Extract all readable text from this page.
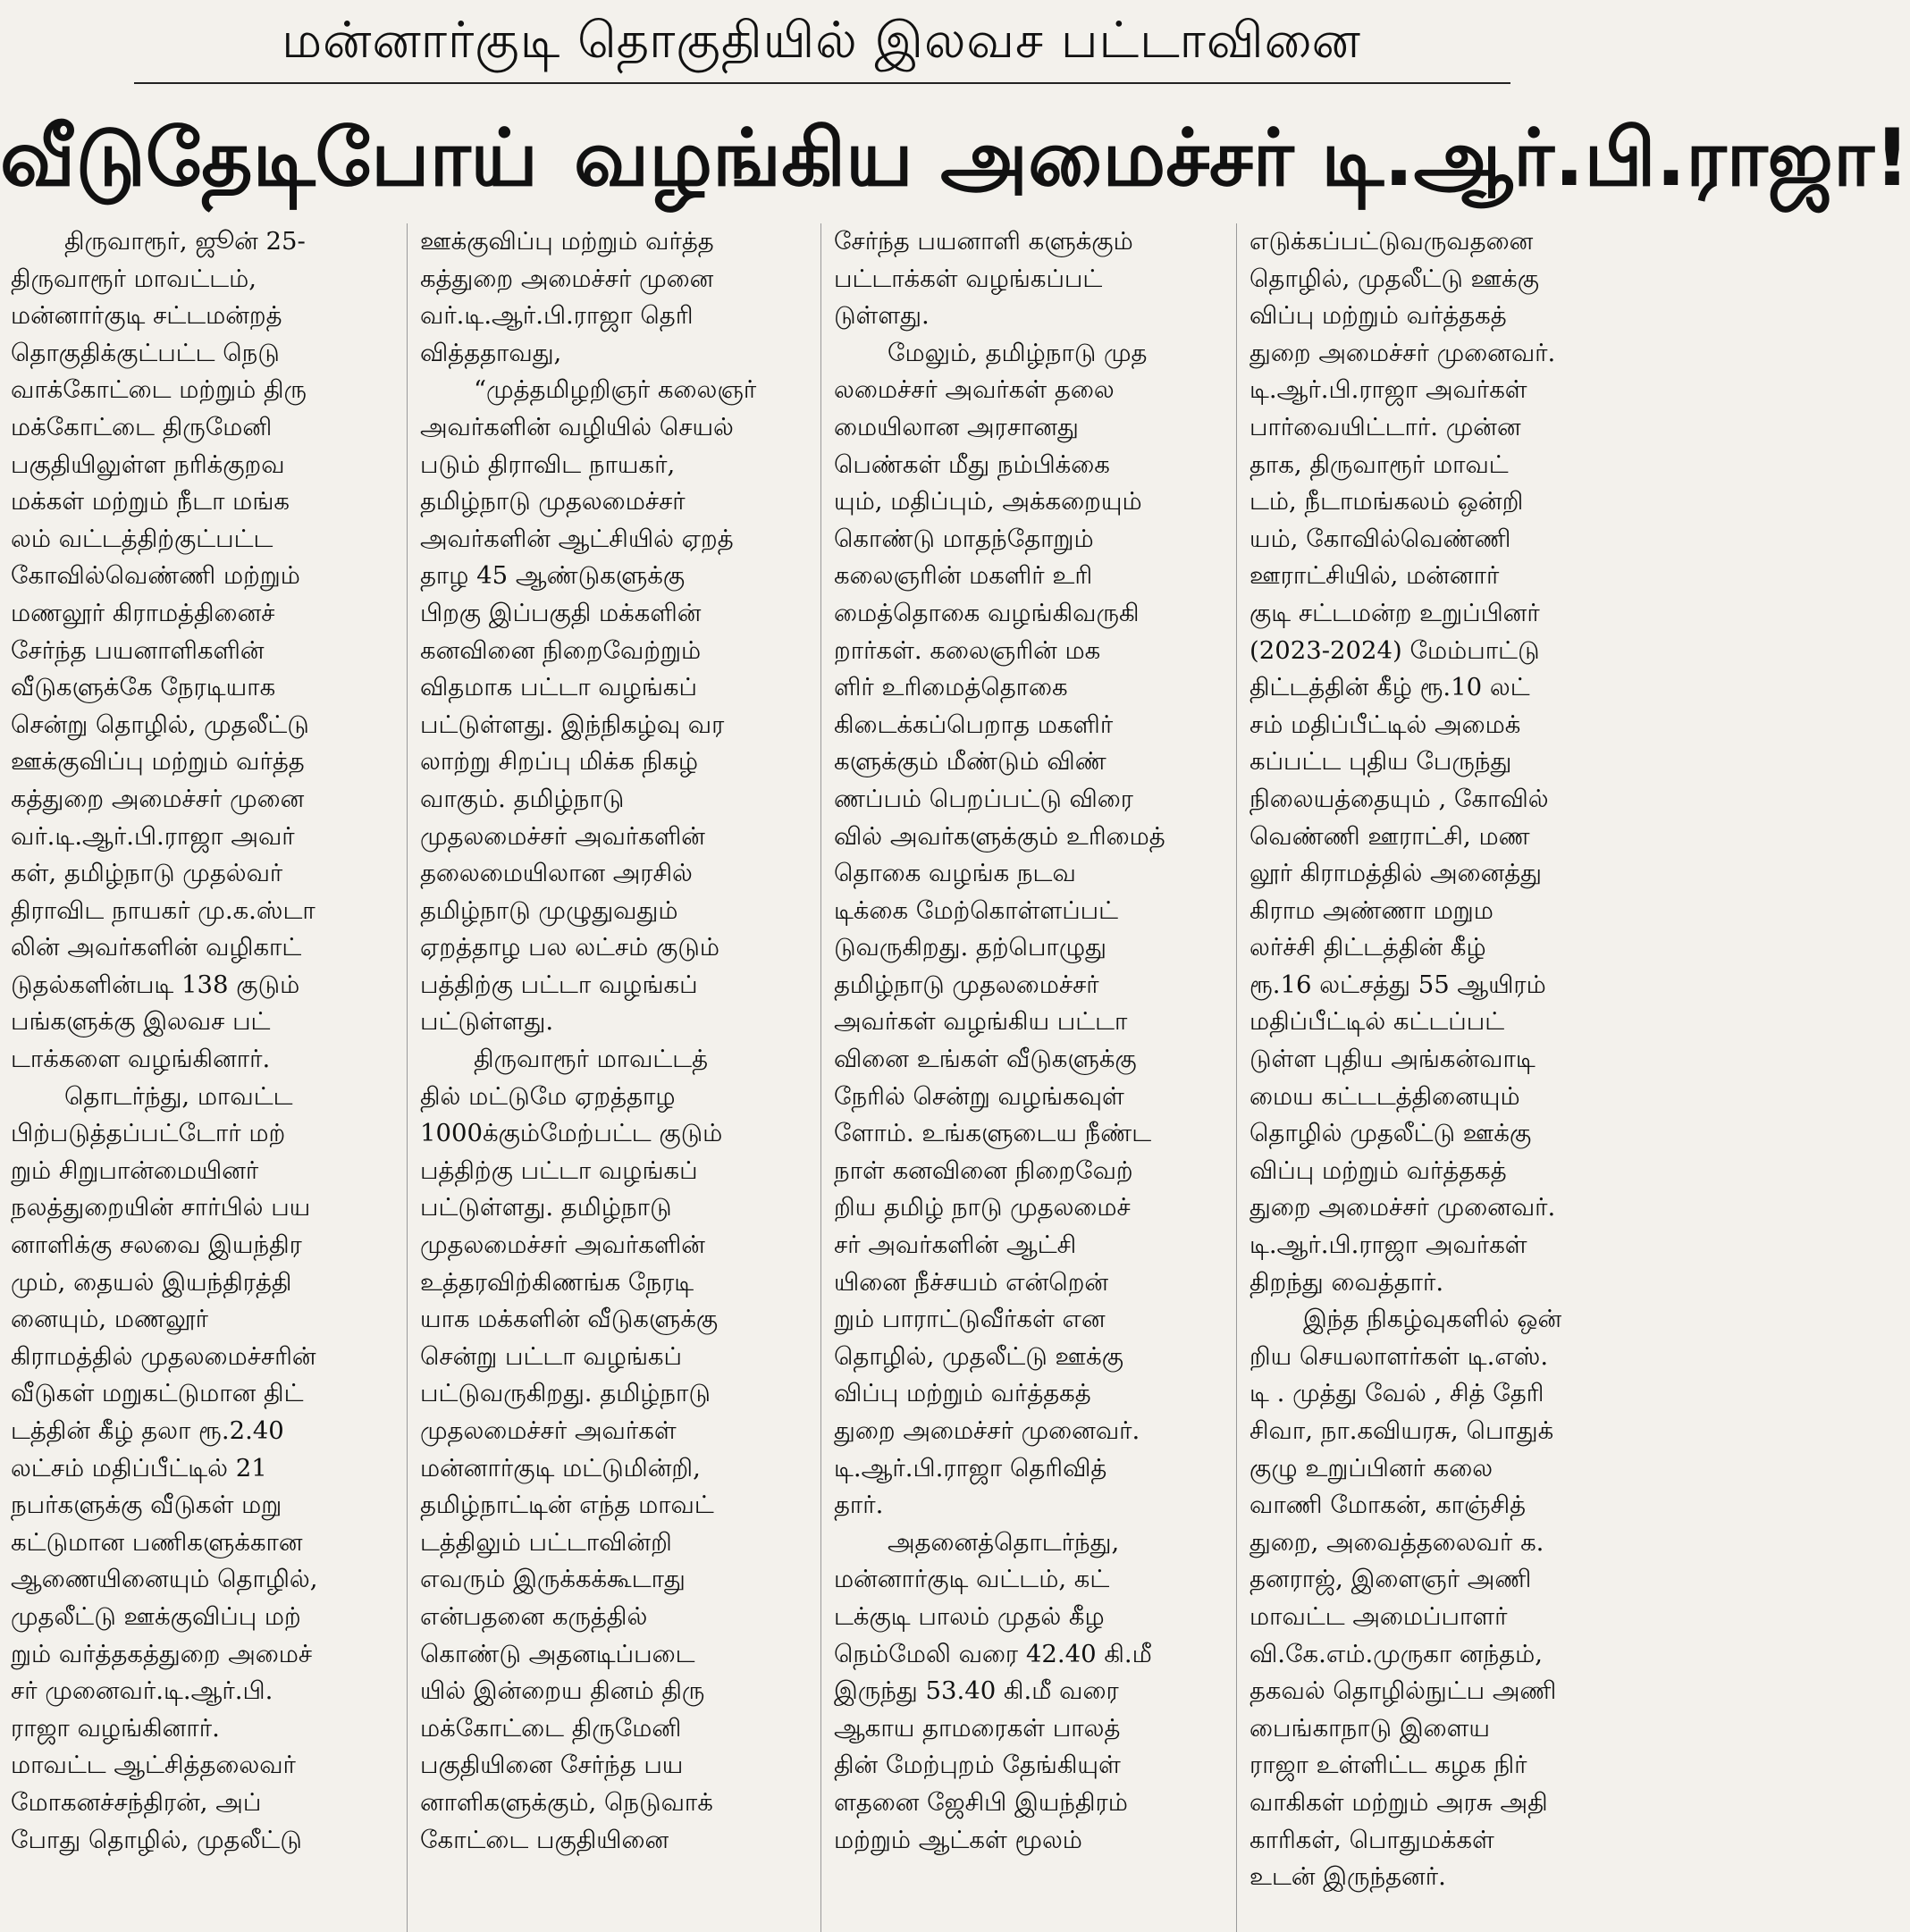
மன்னார்குடி தொகுதியில் இலவச பட்டாவினை
வீடுதேடிபோய் வழங்கிய அமைச்சர் டி.ஆர்.பி.ராஜா!
திருவாரூர், ஜூன் 25-
திருவாரூர் மாவட்டம்,
மன்னார்குடி சட்டமன்றத்
தொகுதிக்குட்பட்ட நெடு
வாக்கோட்டை மற்றும் திரு
மக்கோட்டை திருமேனி
பகுதியிலுள்ள நரிக்குறவ
மக்கள் மற்றும் நீடா மங்க
லம் வட்டத்திற்குட்பட்ட
கோவில்வெண்ணி மற்றும்
மணலூர் கிராமத்தினைச்
சேர்ந்த பயனாளிகளின்
வீடுகளுக்கே நேரடியாக
சென்று தொழில், முதலீட்டு
ஊக்குவிப்பு மற்றும் வர்த்த
கத்துறை அமைச்சர் முனை
வர்.டி.ஆர்.பி.ராஜா அவர்
கள், தமிழ்நாடு முதல்வர்
திராவிட நாயகர் மு.க.ஸ்டா
லின் அவர்களின் வழிகாட்
டுதல்களின்படி 138 குடும்
பங்களுக்கு இலவச பட்
டாக்களை வழங்கினார்.
தொடர்ந்து, மாவட்ட
பிற்படுத்தப்பட்டோர் மற்
றும் சிறுபான்மையினர்
நலத்துறையின் சார்பில் பய
னாளிக்கு சலவை இயந்திர
மும், தையல் இயந்திரத்தி
னையும், மணலூர்
கிராமத்தில் முதலமைச்சரின்
வீடுகள் மறுகட்டுமான திட்
டத்தின் கீழ் தலா ரூ.2.40
லட்சம் மதிப்பீட்டில் 21
நபர்களுக்கு வீடுகள் மறு
கட்டுமான பணிகளுக்கான
ஆணையினையும் தொழில்,
முதலீட்டு ஊக்குவிப்பு மற்
றும் வர்த்தகத்துறை அமைச்
சர் முனைவர்.டி.ஆர்.பி.
ராஜா வழங்கினார்.
மாவட்ட ஆட்சித்தலைவர்
மோகனச்சந்திரன், அப்
போது தொழில், முதலீட்டு
ஊக்குவிப்பு மற்றும் வர்த்த
கத்துறை அமைச்சர் முனை
வர்.டி.ஆர்.பி.ராஜா தெரி
வித்ததாவது,
“முத்தமிழறிஞர் கலைஞர்
அவர்களின் வழியில் செயல்
படும் திராவிட நாயகர்,
தமிழ்நாடு முதலமைச்சர்
அவர்களின் ஆட்சியில் ஏறத்
தாழ 45 ஆண்டுகளுக்கு
பிறகு இப்பகுதி மக்களின்
கனவினை நிறைவேற்றும்
விதமாக பட்டா வழங்கப்
பட்டுள்ளது. இந்நிகழ்வு வர
லாற்று சிறப்பு மிக்க நிகழ்
வாகும். தமிழ்நாடு
முதலமைச்சர் அவர்களின்
தலைமையிலான அரசில்
தமிழ்நாடு முழுதுவதும்
ஏறத்தாழ பல லட்சம் குடும்
பத்திற்கு பட்டா வழங்கப்
பட்டுள்ளது.
திருவாரூர் மாவட்டத்
தில் மட்டுமே ஏறத்தாழ
1000க்கும்மேற்பட்ட குடும்
பத்திற்கு பட்டா வழங்கப்
பட்டுள்ளது. தமிழ்நாடு
முதலமைச்சர் அவர்களின்
உத்தரவிற்கிணங்க நேரடி
யாக மக்களின் வீடுகளுக்கு
சென்று பட்டா வழங்கப்
பட்டுவருகிறது. தமிழ்நாடு
முதலமைச்சர் அவர்கள்
மன்னார்குடி மட்டுமின்றி,
தமிழ்நாட்டின் எந்த மாவட்
டத்திலும் பட்டாவின்றி
எவரும் இருக்கக்கூடாது
என்பதனை கருத்தில்
கொண்டு அதனடிப்படை
யில் இன்றைய தினம் திரு
மக்கோட்டை திருமேனி
பகுதியினை சேர்ந்த பய
னாளிகளுக்கும், நெடுவாக்
கோட்டை பகுதியினை
சேர்ந்த பயனாளி களுக்கும்
பட்டாக்கள் வழங்கப்பட்
டுள்ளது.
மேலும், தமிழ்நாடு முத
லமைச்சர் அவர்கள் தலை
மையிலான அரசானது
பெண்கள் மீது நம்பிக்கை
யும், மதிப்பும், அக்கறையும்
கொண்டு மாதந்தோறும்
கலைஞரின் மகளிர் உரி
மைத்தொகை வழங்கிவருகி
றார்கள். கலைஞரின் மக
ளிர் உரிமைத்தொகை
கிடைக்கப்பெறாத மகளிர்
களுக்கும் மீண்டும் விண்
ணப்பம் பெறப்பட்டு விரை
வில் அவர்களுக்கும் உரிமைத்
தொகை வழங்க நடவ
டிக்கை மேற்கொள்ளப்பட்
டுவருகிறது. தற்பொழுது
தமிழ்நாடு முதலமைச்சர்
அவர்கள் வழங்கிய பட்டா
வினை உங்கள் வீடுகளுக்கு
நேரில் சென்று வழங்கவுள்
ளோம். உங்களுடைய நீண்ட
நாள் கனவினை நிறைவேற்
றிய தமிழ் நாடு முதலமைச்
சர் அவர்களின் ஆட்சி
யினை நீச்சயம் என்றென்
றும் பாராட்டுவீர்கள் என
தொழில், முதலீட்டு ஊக்கு
விப்பு மற்றும் வர்த்தகத்
துறை அமைச்சர் முனைவர்.
டி.ஆர்.பி.ராஜா தெரிவித்
தார்.
அதனைத்தொடர்ந்து,
மன்னார்குடி வட்டம், கட்
டக்குடி பாலம் முதல் கீழ
நெம்மேலி வரை 42.40 கி.மீ
இருந்து 53.40 கி.மீ வரை
ஆகாய தாமரைகள் பாலத்
தின் மேற்புறம் தேங்கியுள்
ளதனை ஜேசிபி இயந்திரம்
மற்றும் ஆட்கள் மூலம்
எடுக்கப்பட்டுவருவதனை
தொழில், முதலீட்டு ஊக்கு
விப்பு மற்றும் வர்த்தகத்
துறை அமைச்சர் முனைவர்.
டி.ஆர்.பி.ராஜா அவர்கள்
பார்வையிட்டார். முன்ன
தாக, திருவாரூர் மாவட்
டம், நீடாமங்கலம் ஒன்றி
யம், கோவில்வெண்ணி
ஊராட்சியில், மன்னார்
குடி சட்டமன்ற உறுப்பினர்
(2023-2024) மேம்பாட்டு
திட்டத்தின் கீழ் ரூ.10 லட்
சம் மதிப்பீட்டில் அமைக்
கப்பட்ட புதிய பேருந்து
நிலையத்தையும் , கோவில்
வெண்ணி ஊராட்சி, மண
லூர் கிராமத்தில் அனைத்து
கிராம அண்ணா மறும
லர்ச்சி திட்டத்தின் கீழ்
ரூ.16 லட்சத்து 55 ஆயிரம்
மதிப்பீட்டில் கட்டப்பட்
டுள்ள புதிய அங்கன்வாடி
மைய கட்டடத்தினையும்
தொழில் முதலீட்டு ஊக்கு
விப்பு மற்றும் வர்த்தகத்
துறை அமைச்சர் முனைவர்.
டி.ஆர்.பி.ராஜா அவர்கள்
திறந்து வைத்தார்.
இந்த நிகழ்வுகளில் ஒன்
றிய செயலாளர்கள் டி.எஸ்.
டி . முத்து வேல் , சித் தேரி
சிவா, நா.கவியரசு, பொதுக்
குழு உறுப்பினர் கலை
வாணி மோகன், காஞ்சித்
துறை, அவைத்தலைவர் க.
தனராஜ், இளைஞர் அணி
மாவட்ட அமைப்பாளர்
வி.கே.எம்.முருகா னந்தம்,
தகவல் தொழில்நுட்ப அணி
பைங்காநாடு இளைய
ராஜா உள்ளிட்ட கழக நிர்
வாகிகள் மற்றும் அரசு அதி
காரிகள், பொதுமக்கள்
உடன் இருந்தனர்.
